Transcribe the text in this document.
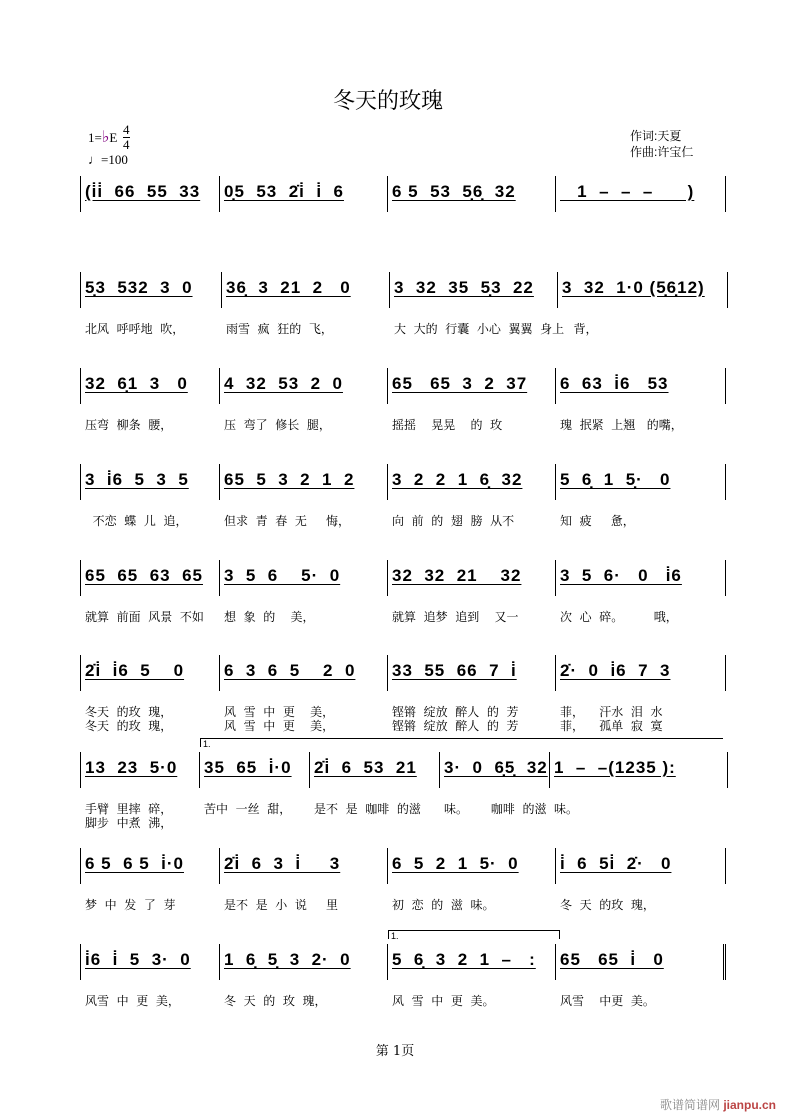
冬天的玫瑰
1=♭E
4
4
♩=100
作词:天夏
作曲:许宝仁
(i̇i̇  66  55  33 0̣5  53  2̇i̇  i̇  6	6 5  53  5̣6̣  32	1  –  –  –      )
5̣3  532  3  0
北风  呼呼地  吹，
36̣  3  21  2   0
雨雪  疯  狂的  飞，
3  32  35  5̣3  22
大  大的  行囊  小心  翼翼  身上
3  32  1·0 (5̣6̣12)
背，
32  6̣1  3   0
压弯  柳条  腰，
4  32  53  2  0
压  弯了  修长  腿，
65   65  3  2  37
摇摇    晃晃    的  玫
6  63  i̇6   53
瑰  抿紧  上翘   的嘴，
3  i̇6  5  3  5
不恋  蝶  儿  追，
65  5  3  2  1  2
但求  青  春  无     悔，
3  2  2  1  6̣  32
向  前  的  翅  膀  从不
5  6̣  1  5̣·   0
知  疲     惫，
65  65  63  65
就算  前面  风景  不如
3  5  6    5·  0
想  象  的    美，
32  32  21    32
就算  追梦  追到    又一
3  5  6·   0   i̇6
次  心  碎。        哦，
2̇i̇  i̇6  5    0
冬天  的玫  瑰，
冬天  的玫  瑰，
6  3  6  5    2  0
风  雪  中  更    美，
风  雪  中  更    美，
33  55  66  7  i̇
铿锵  绽放  醉人  的  芳
铿锵  绽放  醉人  的  芳
2̇·  0  i̇6  7  3
菲，    汗水  泪  水
菲，    孤单  寂  寞
13  23  5·0
手臂  里摔  碎，
脚步  中煮  沸，
35  65  i̇·0
苦中  一丝  甜，
2̇i̇  6  53  21
是不  是  咖啡  的滋
3·  0  6̣5̣  32
味。      咖啡  的滋
1  –  –(1235 ):
味。
1.
6 5  6 5  i̇·0
梦  中  发  了  芽
2̇i̇  6  3  i̇     3
是不  是  小  说     里
6  5  2  1  5·  0
初  恋  的  滋  味。
i̇  6  5i̇  2̇·   0
冬  天  的玫  瑰，
i̇6  i̇  5  3·  0
风雪  中  更  美，
1  6̣  5̣  3  2·  0
冬  天  的  玫  瑰，
5  6̣  3  2  1  –   :
风  雪  中  更  美。
65   65  i̇   0
风雪    中更  美。
1.
第 1页
歌谱简谱网 jianpu.cn
